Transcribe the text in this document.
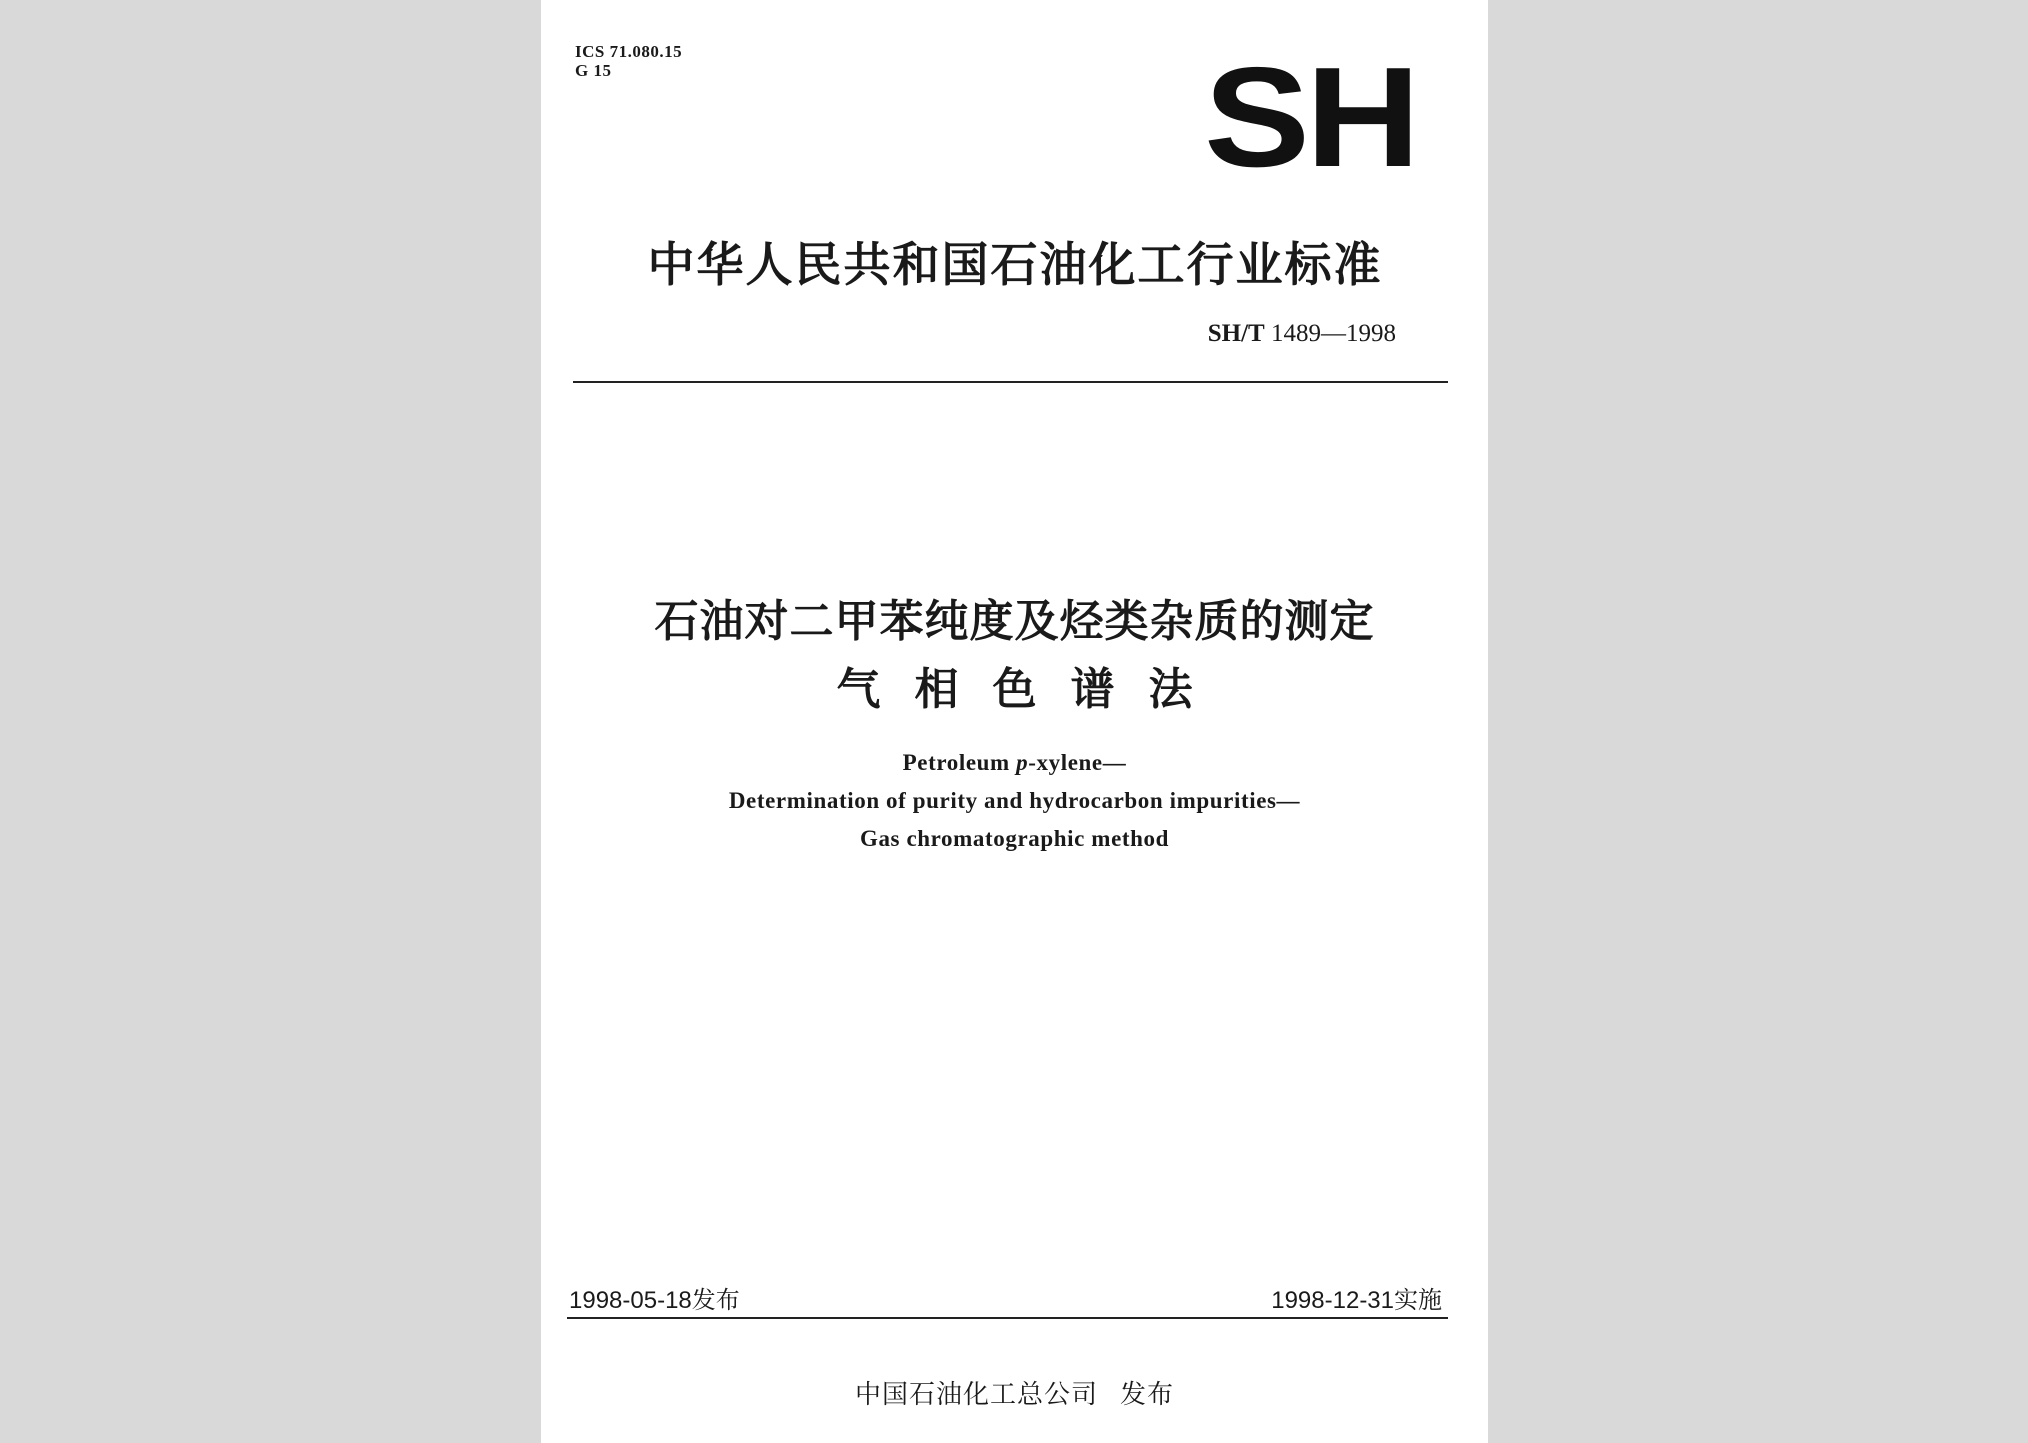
ICS 71.080.15
G 15	SH
中华人民共和国石油化工行业标准
SH/T 1489—1998
石油对二甲苯纯度及烃类杂质的测定
气相色谱法
Petroleum p-xylene—
Determination of purity and hydrocarbon impurities—
Gas chromatographic method
1998-05-18发布	1998-12-31实施
中国石油化工总公司 发布
